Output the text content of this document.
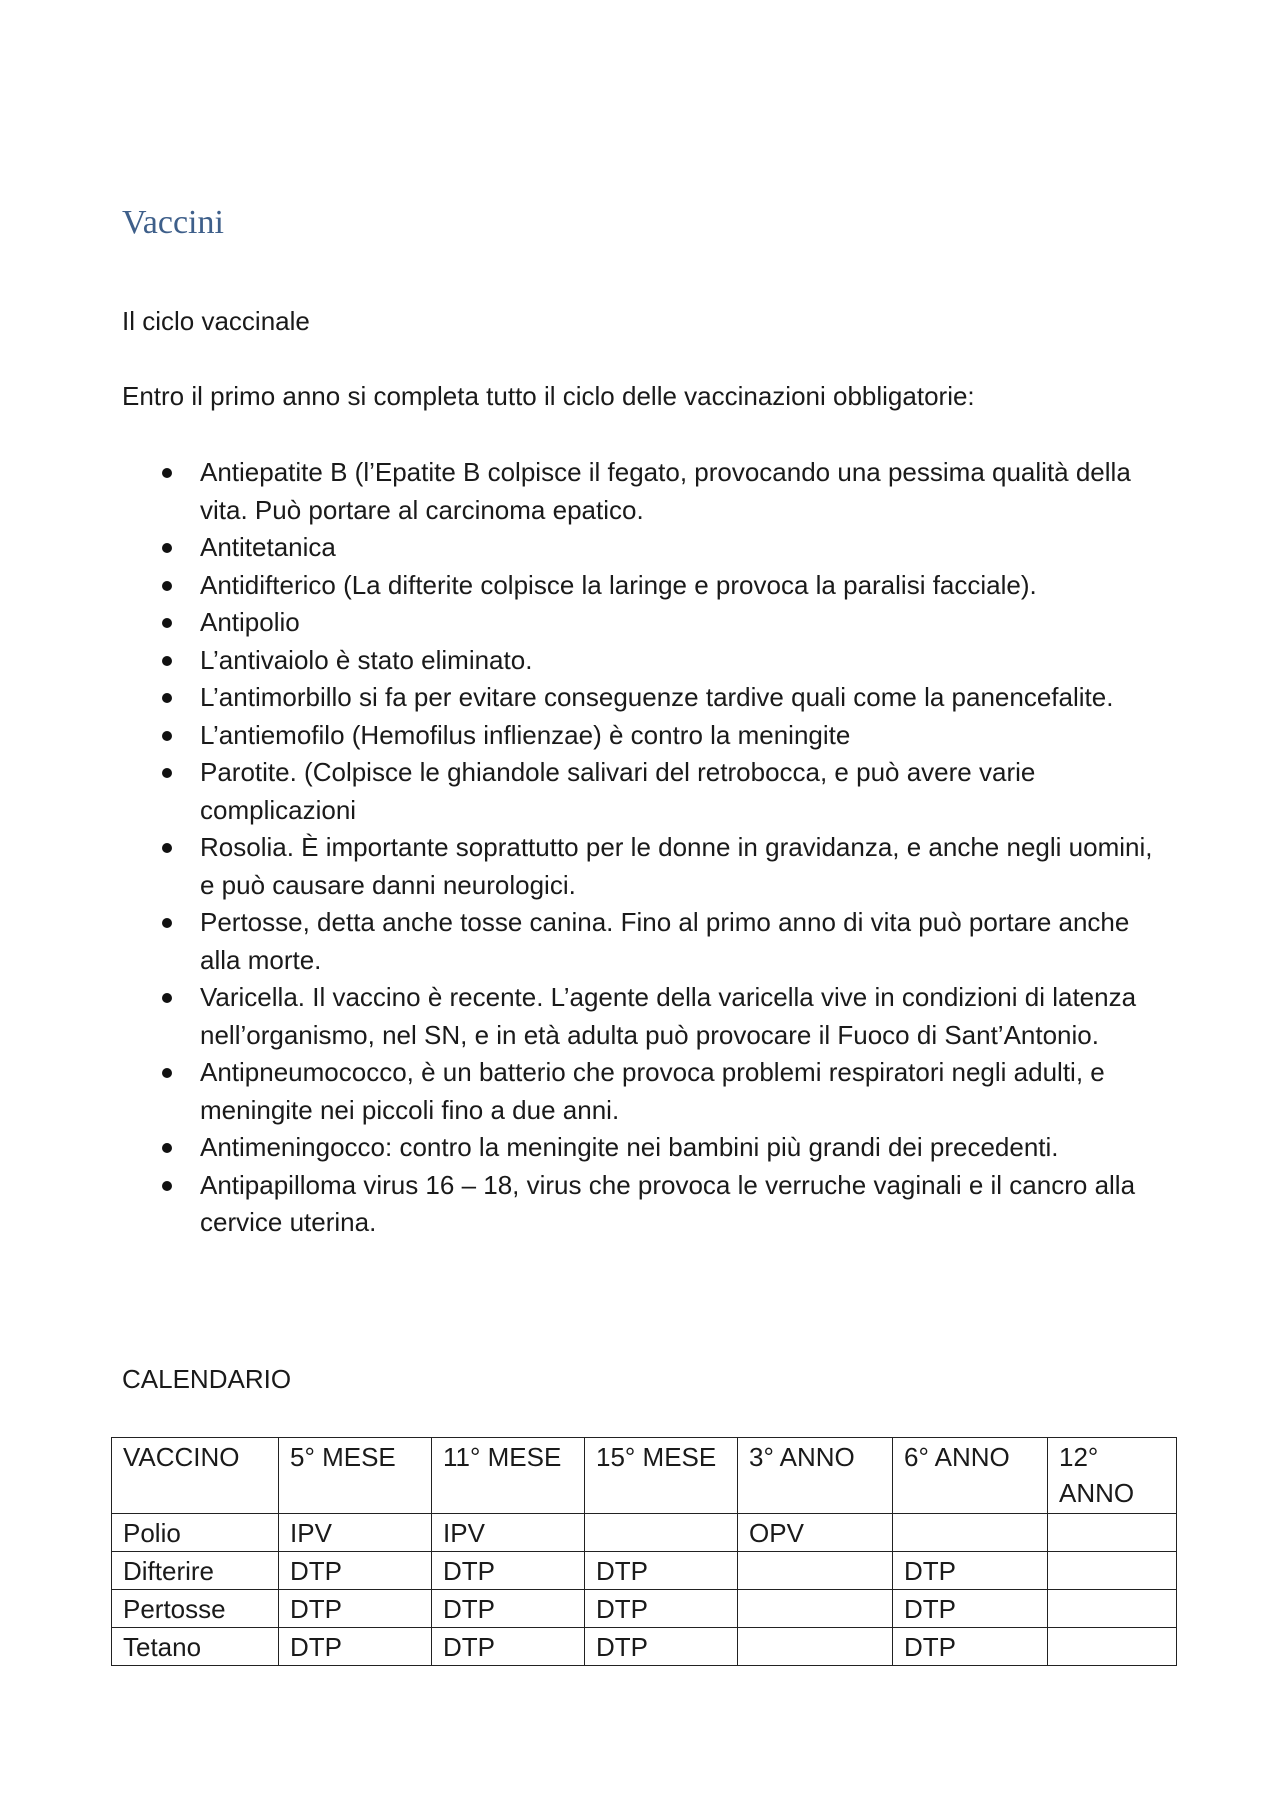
Vaccini

Il ciclo vaccinale

Entro il primo anno si completa tutto il ciclo delle vaccinazioni obbligatorie:

Antiepatite B (l’Epatite B colpisce il fegato, provocando una pessima qualità della vita. Può portare al carcinoma epatico.
Antitetanica
Antidifterico (La difterite colpisce la laringe e provoca la paralisi facciale).
Antipolio
L’antivaiolo è stato eliminato.
L’antimorbillo si fa per evitare conseguenze tardive quali come la panencefalite.
L’antiemofilo (Hemofilus inflienzae) è contro la meningite
Parotite. (Colpisce le ghiandole salivari del retrobocca, e può avere varie complicazioni
Rosolia. È importante soprattutto per le donne in gravidanza, e anche negli uomini, e può causare danni neurologici.
Pertosse, detta anche tosse canina. Fino al primo anno di vita può portare anche alla morte.
Varicella. Il vaccino è recente. L’agente della varicella vive in condizioni di latenza nell’organismo, nel SN, e in età adulta può provocare il Fuoco di Sant’Antonio.
Antipneumococco, è un batterio che provoca problemi respiratori negli adulti, e meningite nei piccoli fino a due anni.
Antimeningocco: contro la meningite nei bambini più grandi dei precedenti.
Antipapilloma virus 16 – 18, virus che provoca le verruche vaginali e il cancro alla cervice uterina.

CALENDARIO

VACCINO	5° MESE	11° MESE	15° MESE	3° ANNO	6° ANNO	12° ANNO
Polio	IPV	IPV		OPV		
Difterire	DTP	DTP	DTP		DTP	
Pertosse	DTP	DTP	DTP		DTP	
Tetano	DTP	DTP	DTP		DTP	
